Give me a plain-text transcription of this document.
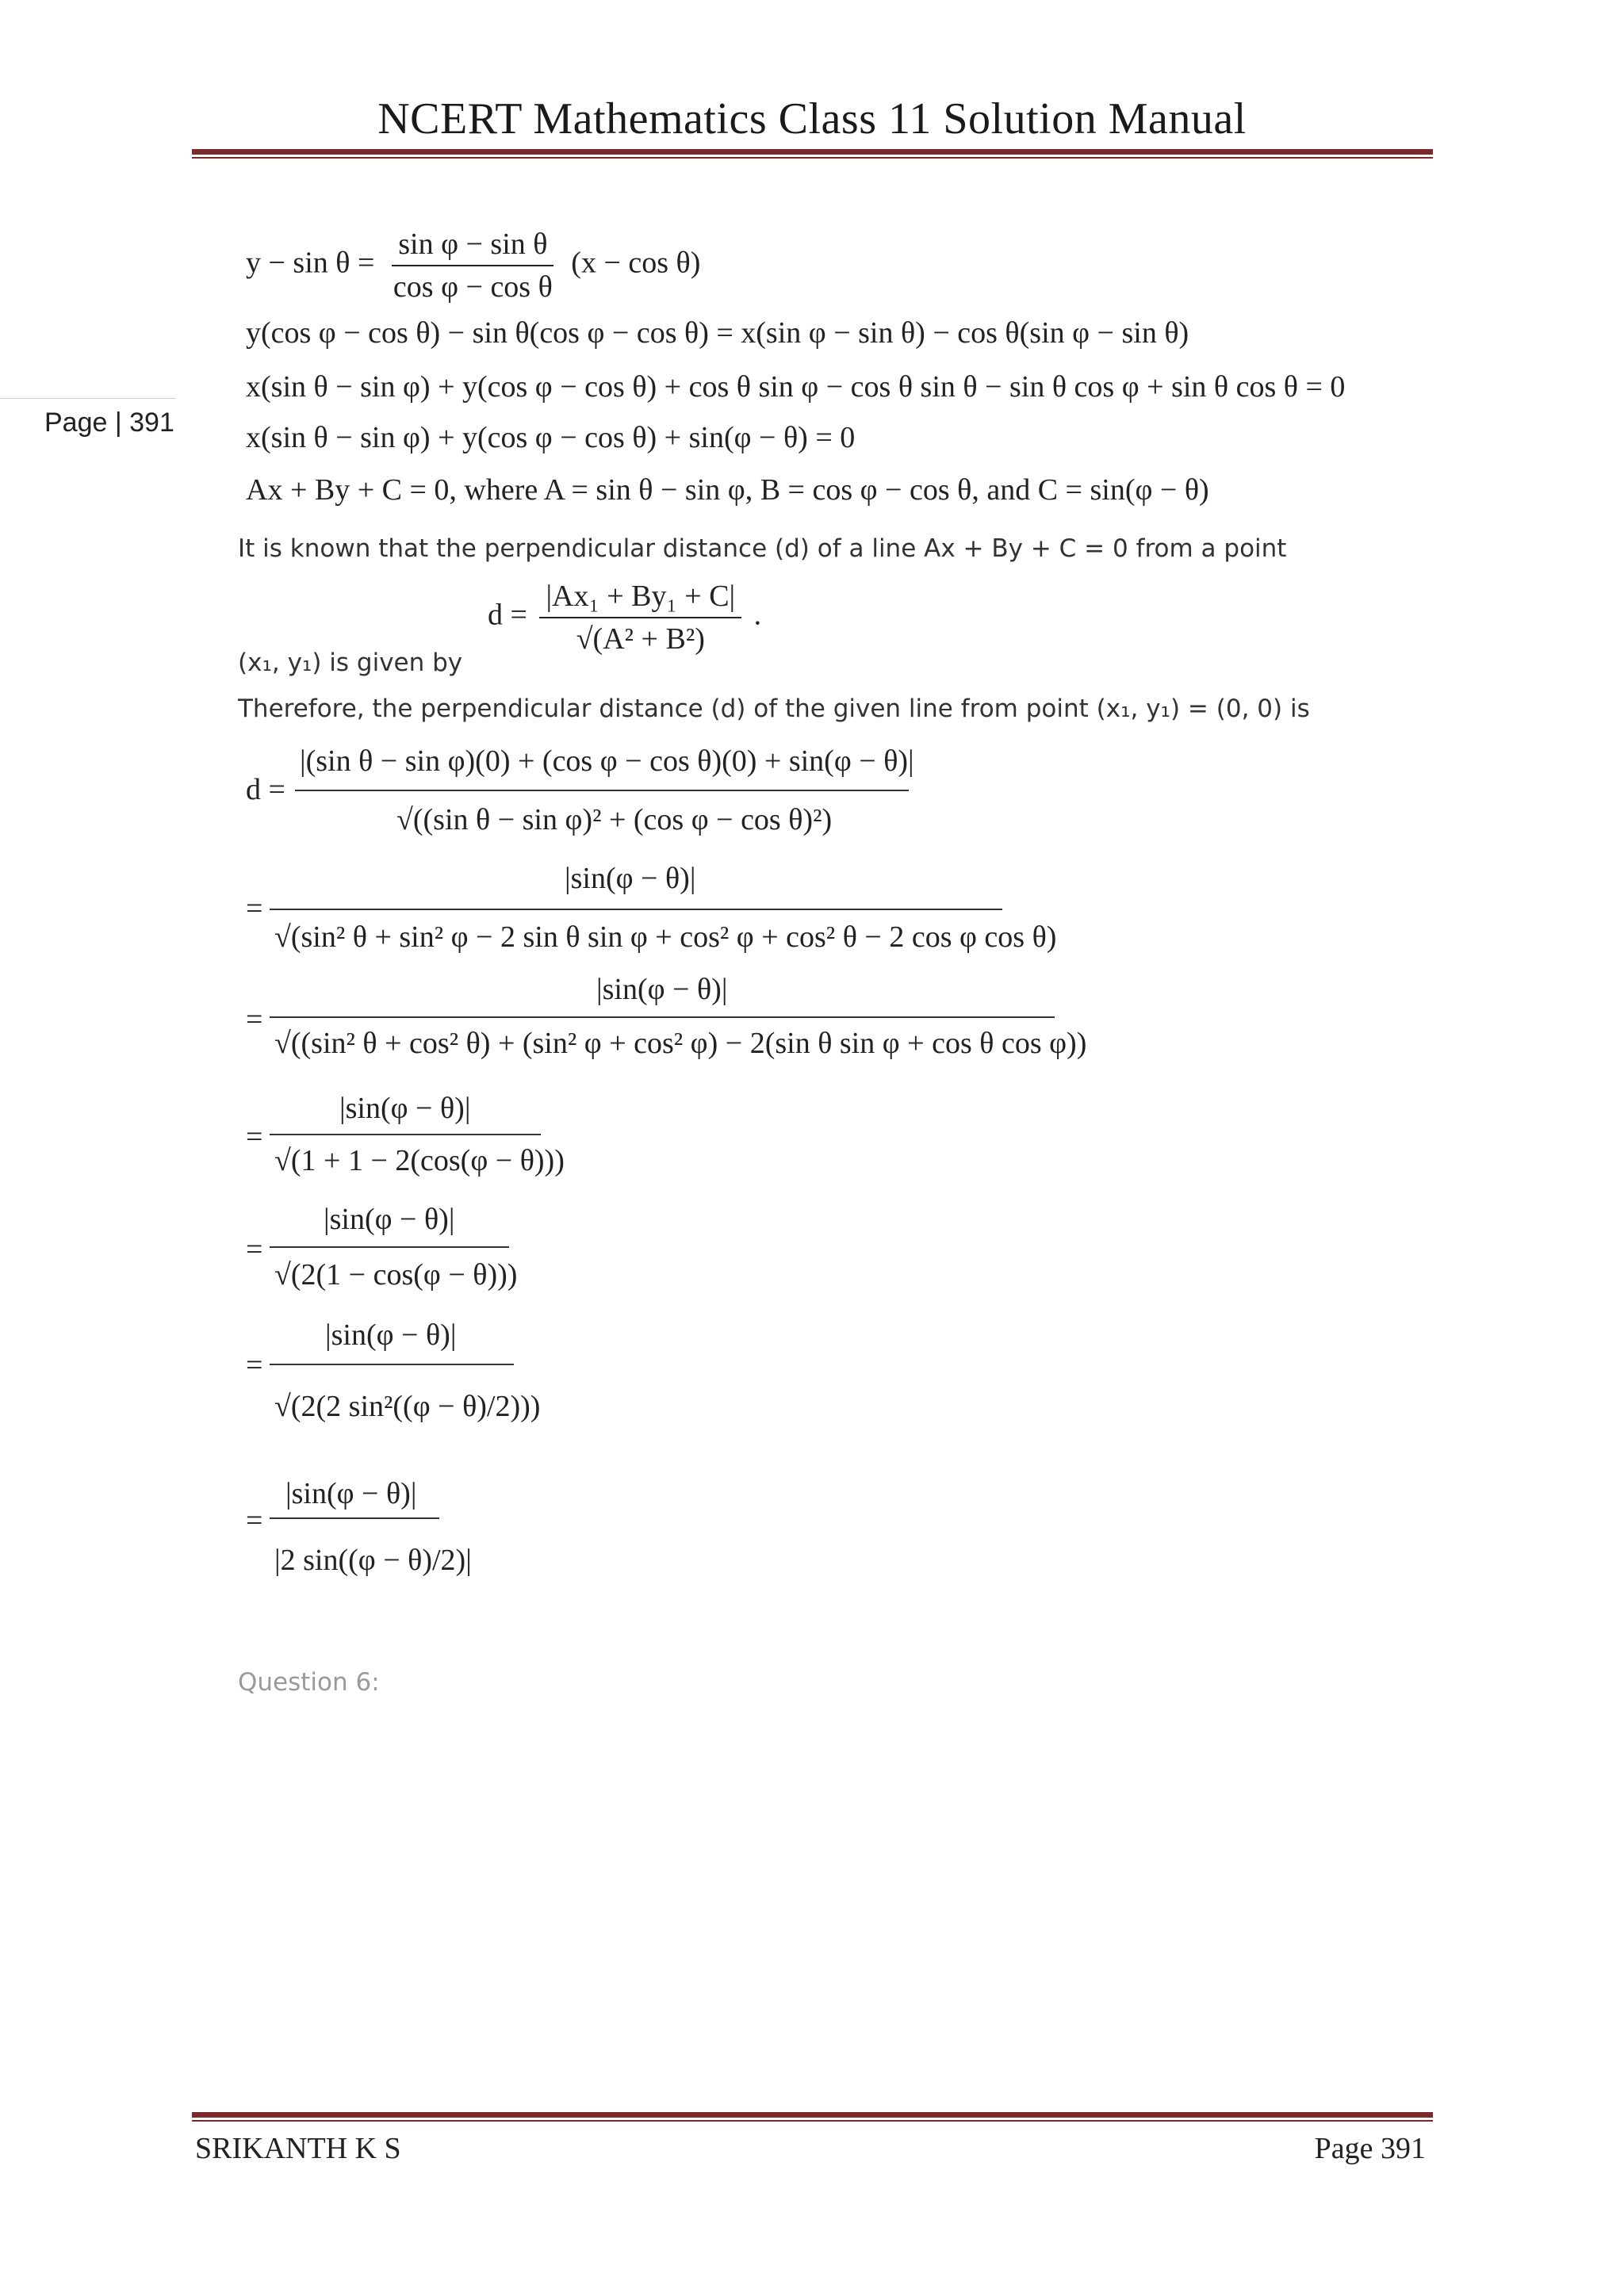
NCERT Mathematics Class 11 Solution Manual
Page | 391
$y - \sin \theta = \frac{\text{sin φ − sin θ}}{\text{cos φ − cos θ}} (x - \cos \theta)$
y(cos φ − cos θ) − sin θ(cos φ − cos θ) = x(sin φ − sin θ) − cos θ(sin φ − sin θ)
x(sin θ − sin φ) + y(cos φ − cos θ) + cos θ sin φ − cos θ sin θ − sin θ cos φ + sin θ cos θ = 0
x(sin θ − sin φ) + y(cos φ − cos θ) + sin(φ − θ) = 0
Ax + By + C = 0, where A = sin θ − sin φ, B = cos φ − cos θ, and C = sin(φ − θ)
It is known that the perpendicular distance (d) of a line Ax + By + C = 0 from a point
$d = \frac{\text{|Ax₁ + By₁ + C|}}{\text{√(A² + B²)}}$ .
(x₁, y₁) is given by
Therefore, the perpendicular distance (d) of the given line from point (x₁, y₁) = (0, 0) is
d =
|(sin θ − sin φ)(0) + (cos φ − cos θ)(0) + sin(φ − θ)|
√((sin θ − sin φ)² + (cos φ − cos θ)²)
=
|sin(φ − θ)|
√(sin² θ + sin² φ − 2 sin θ sin φ + cos² φ + cos² θ − 2 cos φ cos θ)
=
|sin(φ − θ)|
√((sin² θ + cos² θ) + (sin² φ + cos² φ) − 2(sin θ sin φ + cos θ cos φ))
=
|sin(φ − θ)|
√(1 + 1 − 2(cos(φ − θ)))
=
|sin(φ − θ)|
√(2(1 − cos(φ − θ)))
=
|sin(φ − θ)|
√(2(2 sin²((φ − θ)/2)))
=
|sin(φ − θ)|
|2 sin((φ − θ)/2)|
Question 6:
SRIKANTH K S	Page 391
